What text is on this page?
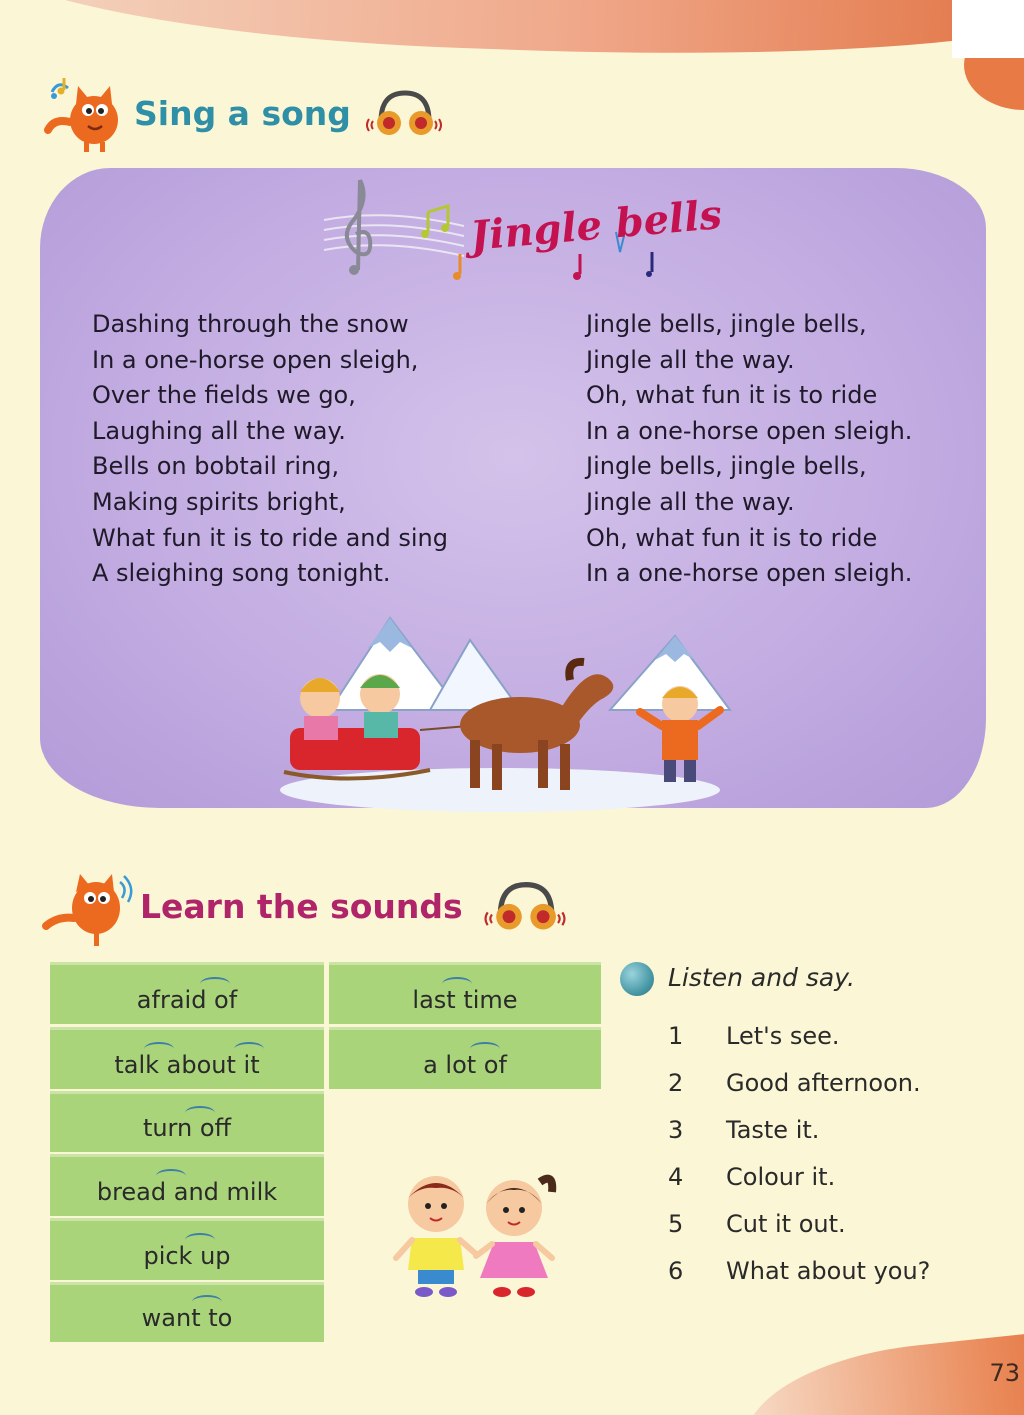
73
Sing a song
Jingle bells
Dashing through the snow
In a one-horse open sleigh,
Over the fields we go,
Laughing all the way.
Bells on bobtail ring,
Making spirits bright,
What fun it is to ride and sing
A sleighing song tonight.
Jingle bells, jingle bells,
Jingle all the way.
Oh, what fun it is to ride
In a one-horse open sleigh.
Jingle bells, jingle bells,
Jingle all the way.
Oh, what fun it is to ride
In a one-horse open sleigh.
Learn the sounds
afraid of	last time
talk about it	a lot of
turn off
bread and milk
pick up
want to
Listen and say.
1 Let's see.
2 Good afternoon.
3 Taste it.
4 Colour it.
5 Cut it out.
6 What about you?
